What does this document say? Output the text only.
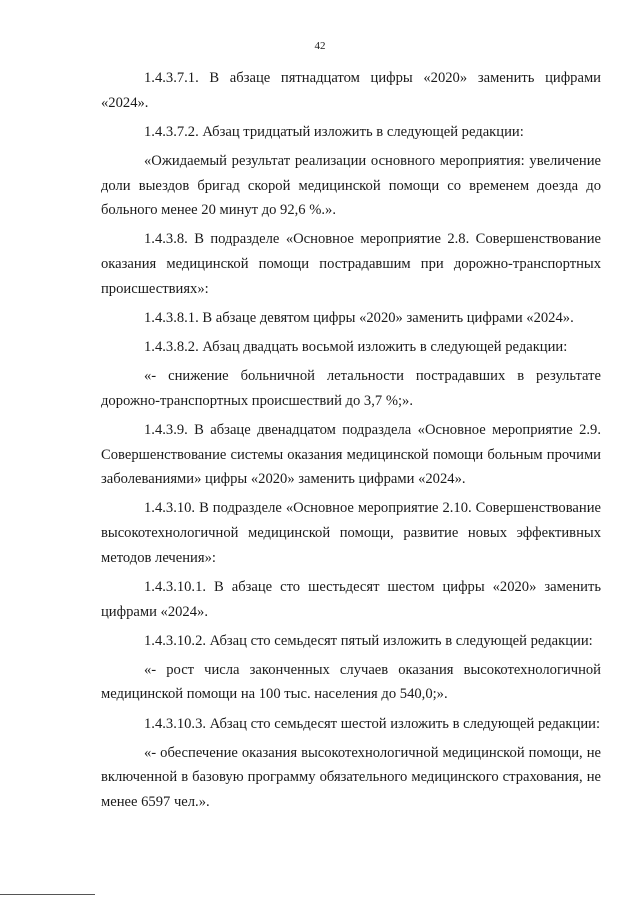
42

1.4.3.7.1. В абзаце пятнадцатом цифры «2020» заменить цифрами «2024».

1.4.3.7.2. Абзац тридцатый изложить в следующей редакции:

«Ожидаемый результат реализации основного мероприятия: увеличение доли выездов бригад скорой медицинской помощи со временем доезда до больного менее 20 минут до 92,6 %.».

1.4.3.8. В подразделе «Основное мероприятие 2.8. Совершенствование оказания медицинской помощи пострадавшим при дорожно-транспортных происшествиях»:

1.4.3.8.1. В абзаце девятом цифры «2020» заменить цифрами «2024».

1.4.3.8.2. Абзац двадцать восьмой изложить в следующей редакции:

«- снижение больничной летальности пострадавших в результате дорожно-транспортных происшествий до 3,7 %;».

1.4.3.9. В абзаце двенадцатом подраздела «Основное мероприятие 2.9. Совершенствование системы оказания медицинской помощи больным прочими заболеваниями» цифры «2020» заменить цифрами «2024».

1.4.3.10. В подразделе «Основное мероприятие 2.10. Совершенствование высокотехнологичной медицинской помощи, развитие новых эффективных методов лечения»:

1.4.3.10.1. В абзаце сто шестьдесят шестом цифры «2020» заменить цифрами «2024».

1.4.3.10.2. Абзац сто семьдесят пятый изложить в следующей редакции:

«- рост числа законченных случаев оказания высокотехнологичной медицинской помощи на 100 тыс. населения до 540,0;».

1.4.3.10.3. Абзац сто семьдесят шестой изложить в следующей редакции:

«- обеспечение оказания высокотехнологичной медицинской помощи, не включенной в базовую программу обязательного медицинского страхования, не менее 6597 чел.».
